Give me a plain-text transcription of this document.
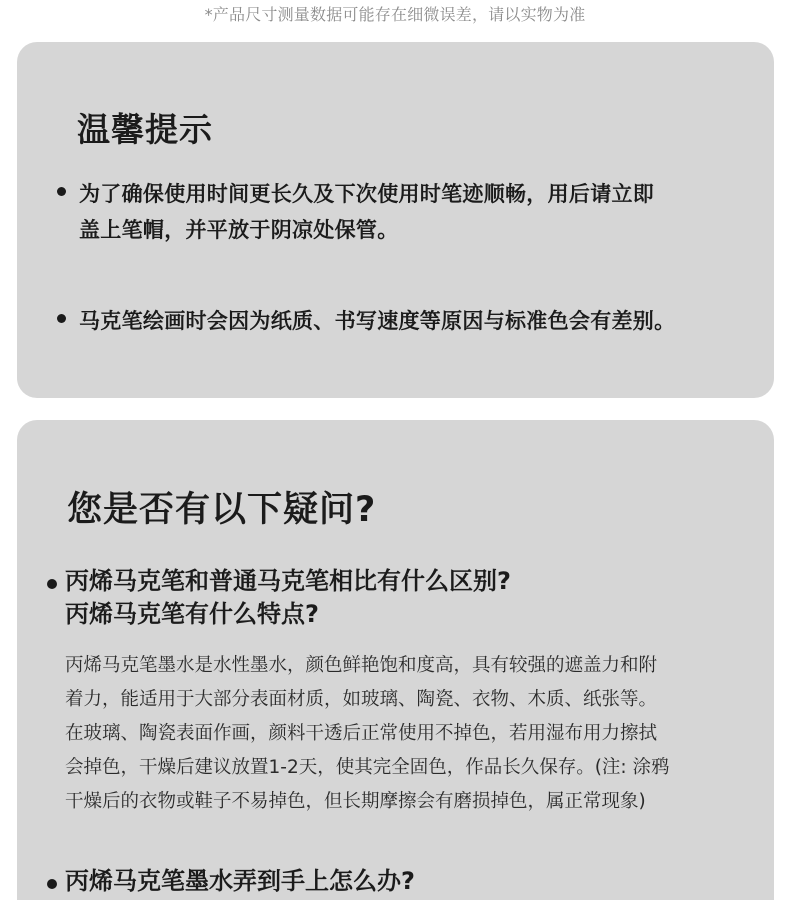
*产品尺寸测量数据可能存在细微误差，请以实物为准
温馨提示
为了确保使用时间更长久及下次使用时笔迹顺畅，用后请立即
盖上笔帽，并平放于阴凉处保管。
马克笔绘画时会因为纸质、书写速度等原因与标准色会有差别。
您是否有以下疑问?
丙烯马克笔和普通马克笔相比有什么区别?
丙烯马克笔有什么特点?

丙烯马克笔墨水是水性墨水，颜色鲜艳饱和度高，具有较强的遮盖力和附

着力，能适用于大部分表面材质，如玻璃、陶瓷、衣物、木质、纸张等。

在玻璃、陶瓷表面作画，颜料干透后正常使用不掉色，若用湿布用力擦拭

会掉色，干燥后建议放置1-2天，使其完全固色，作品长久保存。(注: 涂鸦

干燥后的衣物或鞋子不易掉色，但长期摩擦会有磨损掉色，属正常现象)

丙烯马克笔墨水弄到手上怎么办?
